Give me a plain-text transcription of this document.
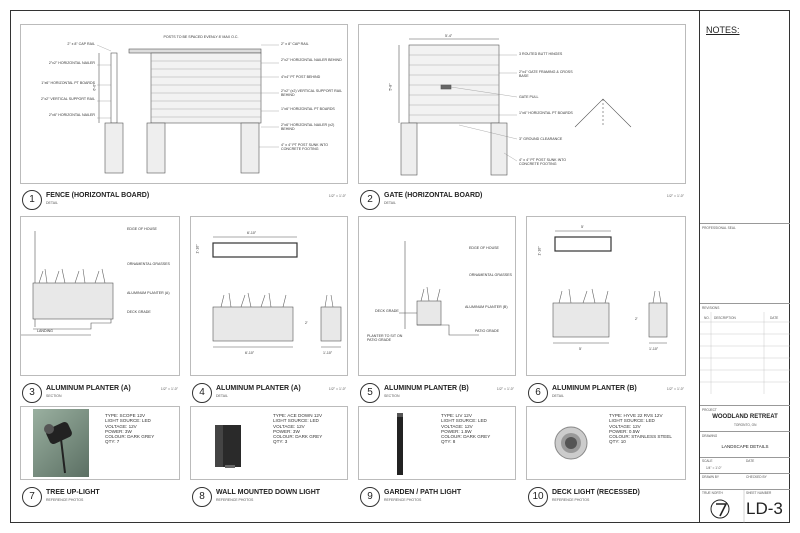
POSTS TO BE SPACED EVENLY 8' MAX O.C.
6'-0"
2" x 8" CAP RAIL
2"x2" HORIZONTAL NAILER
1"x6" HORIZONTAL PT BOARDS
2"x2" VERTICAL SUPPORT RAIL
2"x6" HORIZONTAL NAILER
2" x 8" CAP RAIL
2"x2" HORIZONTAL NAILER BEHIND
4"x4" PT POST BEHIND
2"x2" (x2) VERTICAL SUPPORT RAIL BEHIND
1"x6" HORIZONTAL PT BOARDS
2"x6" HORIZONTAL NAILER (x2) BEHIND
4" x 4" PT POST SUNK INTO CONCRETE FOOTING
5'-4"
5'-8"
3 ROUTED BUTT HINGES
2"x4" GATE FRAMING & CROSS BASE
GATE PULL
1"x6" HORIZONTAL PT BOARDS
3" GROUND CLEARANCE
4" x 4" PT POST SUNK INTO CONCRETE FOOTING
1	FENCE (HORIZONTAL BOARD)
DETAIL
1/2" = 1'-0"	2	GATE (HORIZONTAL BOARD)
DETAIL
1/2" = 1'-0"
EDGE OF HOUSE
ORNAMENTAL GRASSES
ALUMINUM PLANTER (A)
DECK GRADE
LANDING
6'-10"
1'-10"
2'
6'-10"	1'-10"
EDGE OF HOUSE
ORNAMENTAL GRASSES
DECK GRADE
ALUMINUM PLANTER (B)
PATIO GRADE
PLANTER TO SIT ON PATIO GRADE
5'
1'-10"
2'
5'	1'-10"
3	ALUMINUM PLANTER (A)
SECTION
1/2" = 1'-0"	4	ALUMINUM PLANTER (A)
DETAIL
1/2" = 1'-0"	5	ALUMINUM PLANTER (B)
SECTION
1/2" = 1'-0"	6	ALUMINUM PLANTER (B)
DETAIL
1/2" = 1'-0"
TYPE: SCOPE 12V
LIGHT SOURCE: LED
VOLTAGE: 12V
POWER: 3W
COLOUR: DARK GREY
QTY: 7
TYPE: ACE DOWN 12V
LIGHT SOURCE: LED
VOLTAGE: 12V
POWER: 3W
COLOUR: DARK GREY
QTY: 3
TYPE: LIV 12V
LIGHT SOURCE: LED
VOLTAGE: 12V
POWER: 1.5W
COLOUR: DARK GREY
QTY: 8
TYPE: HYVE 22 RVS 12V
LIGHT SOURCE: LED
VOLTAGE: 12V
POWER: 0.5W
COLOUR: STAINLESS STEEL
QTY: 10
7	TREE UP-LIGHT
REFERENCE PHOTOS	8	WALL MOUNTED DOWN LIGHT
REFERENCE PHOTOS	9	GARDEN / PATH LIGHT
REFERENCE PHOTOS	10	DECK LIGHT (RECESSED)
REFERENCE PHOTOS
NOTES:
PROFESSIONAL SEAL
REVISIONS
NO. DESCRIPTION	DATE
PROJECT
WOODLAND RETREAT
TORONTO, ON
DRAWING
LANDSCAPE DETAILS
SCALE
1/4" = 1'-0"
DATE
DRAWN BY	CHECKED BY
TRUE NORTH	SHEET NUMBER
LD-3
